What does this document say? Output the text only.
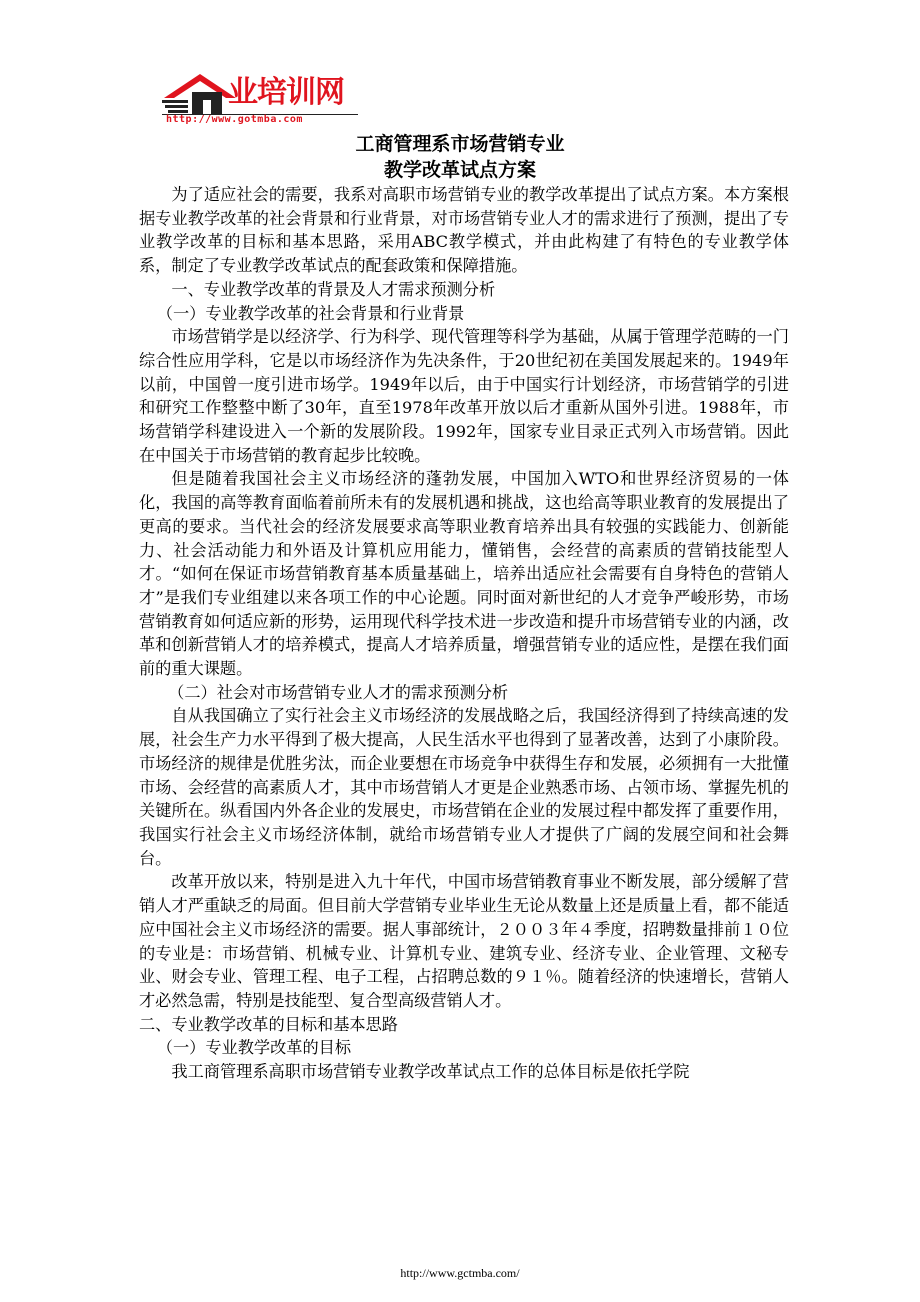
业培训网
http://www.gotmba.com
工商管理系市场营销专业
教学改革试点方案

为了适应社会的需要，我系对高职市场营销专业的教学改革提出了试点方案。本方案根据专业教学改革的社会背景和行业背景，对市场营销专业人才的需求进行了预测，提出了专业教学改革的目标和基本思路，采用ABC教学模式，并由此构建了有特色的专业教学体系，制定了专业教学改革试点的配套政策和保障措施。

一、专业教学改革的背景及人才需求预测分析

（一）专业教学改革的社会背景和行业背景

市场营销学是以经济学、行为科学、现代管理等科学为基础，从属于管理学范畴的一门综合性应用学科，它是以市场经济作为先决条件，于20世纪初在美国发展起来的。1949年以前，中国曾一度引进市场学。1949年以后，由于中国实行计划经济，市场营销学的引进和研究工作整整中断了30年，直至1978年改革开放以后才重新从国外引进。1988年，市场营销学科建设进入一个新的发展阶段。1992年，国家专业目录正式列入市场营销。因此在中国关于市场营销的教育起步比较晚。

但是随着我国社会主义市场经济的蓬勃发展，中国加入WTO和世界经济贸易的一体化，我国的高等教育面临着前所未有的发展机遇和挑战，这也给高等职业教育的发展提出了更高的要求。当代社会的经济发展要求高等职业教育培养出具有较强的实践能力、创新能力、社会活动能力和外语及计算机应用能力，懂销售，会经营的高素质的营销技能型人才。“如何在保证市场营销教育基本质量基础上，培养出适应社会需要有自身特色的营销人才”是我们专业组建以来各项工作的中心论题。同时面对新世纪的人才竞争严峻形势，市场营销教育如何适应新的形势，运用现代科学技术进一步改造和提升市场营销专业的内涵，改革和创新营销人才的培养模式，提高人才培养质量，增强营销专业的适应性，是摆在我们面前的重大课题。

（二）社会对市场营销专业人才的需求预测分析

自从我国确立了实行社会主义市场经济的发展战略之后，我国经济得到了持续高速的发展，社会生产力水平得到了极大提高，人民生活水平也得到了显著改善，达到了小康阶段。市场经济的规律是优胜劣汰，而企业要想在市场竞争中获得生存和发展，必须拥有一大批懂市场、会经营的高素质人才，其中市场营销人才更是企业熟悉市场、占领市场、掌握先机的关键所在。纵看国内外各企业的发展史，市场营销在企业的发展过程中都发挥了重要作用，我国实行社会主义市场经济体制，就给市场营销专业人才提供了广阔的发展空间和社会舞台。

改革开放以来，特别是进入九十年代，中国市场营销教育事业不断发展，部分缓解了营销人才严重缺乏的局面。但目前大学营销专业毕业生无论从数量上还是质量上看，都不能适应中国社会主义市场经济的需要。据人事部统计，２００３年４季度，招聘数量排前１０位的专业是：市场营销、机械专业、计算机专业、建筑专业、经济专业、企业管理、文秘专业、财会专业、管理工程、电子工程，占招聘总数的９１％。随着经济的快速增长，营销人才必然急需，特别是技能型、复合型高级营销人才。

二、专业教学改革的目标和基本思路

（一）专业教学改革的目标

我工商管理系高职市场营销专业教学改革试点工作的总体目标是依托学院

http://www.gctmba.com/
